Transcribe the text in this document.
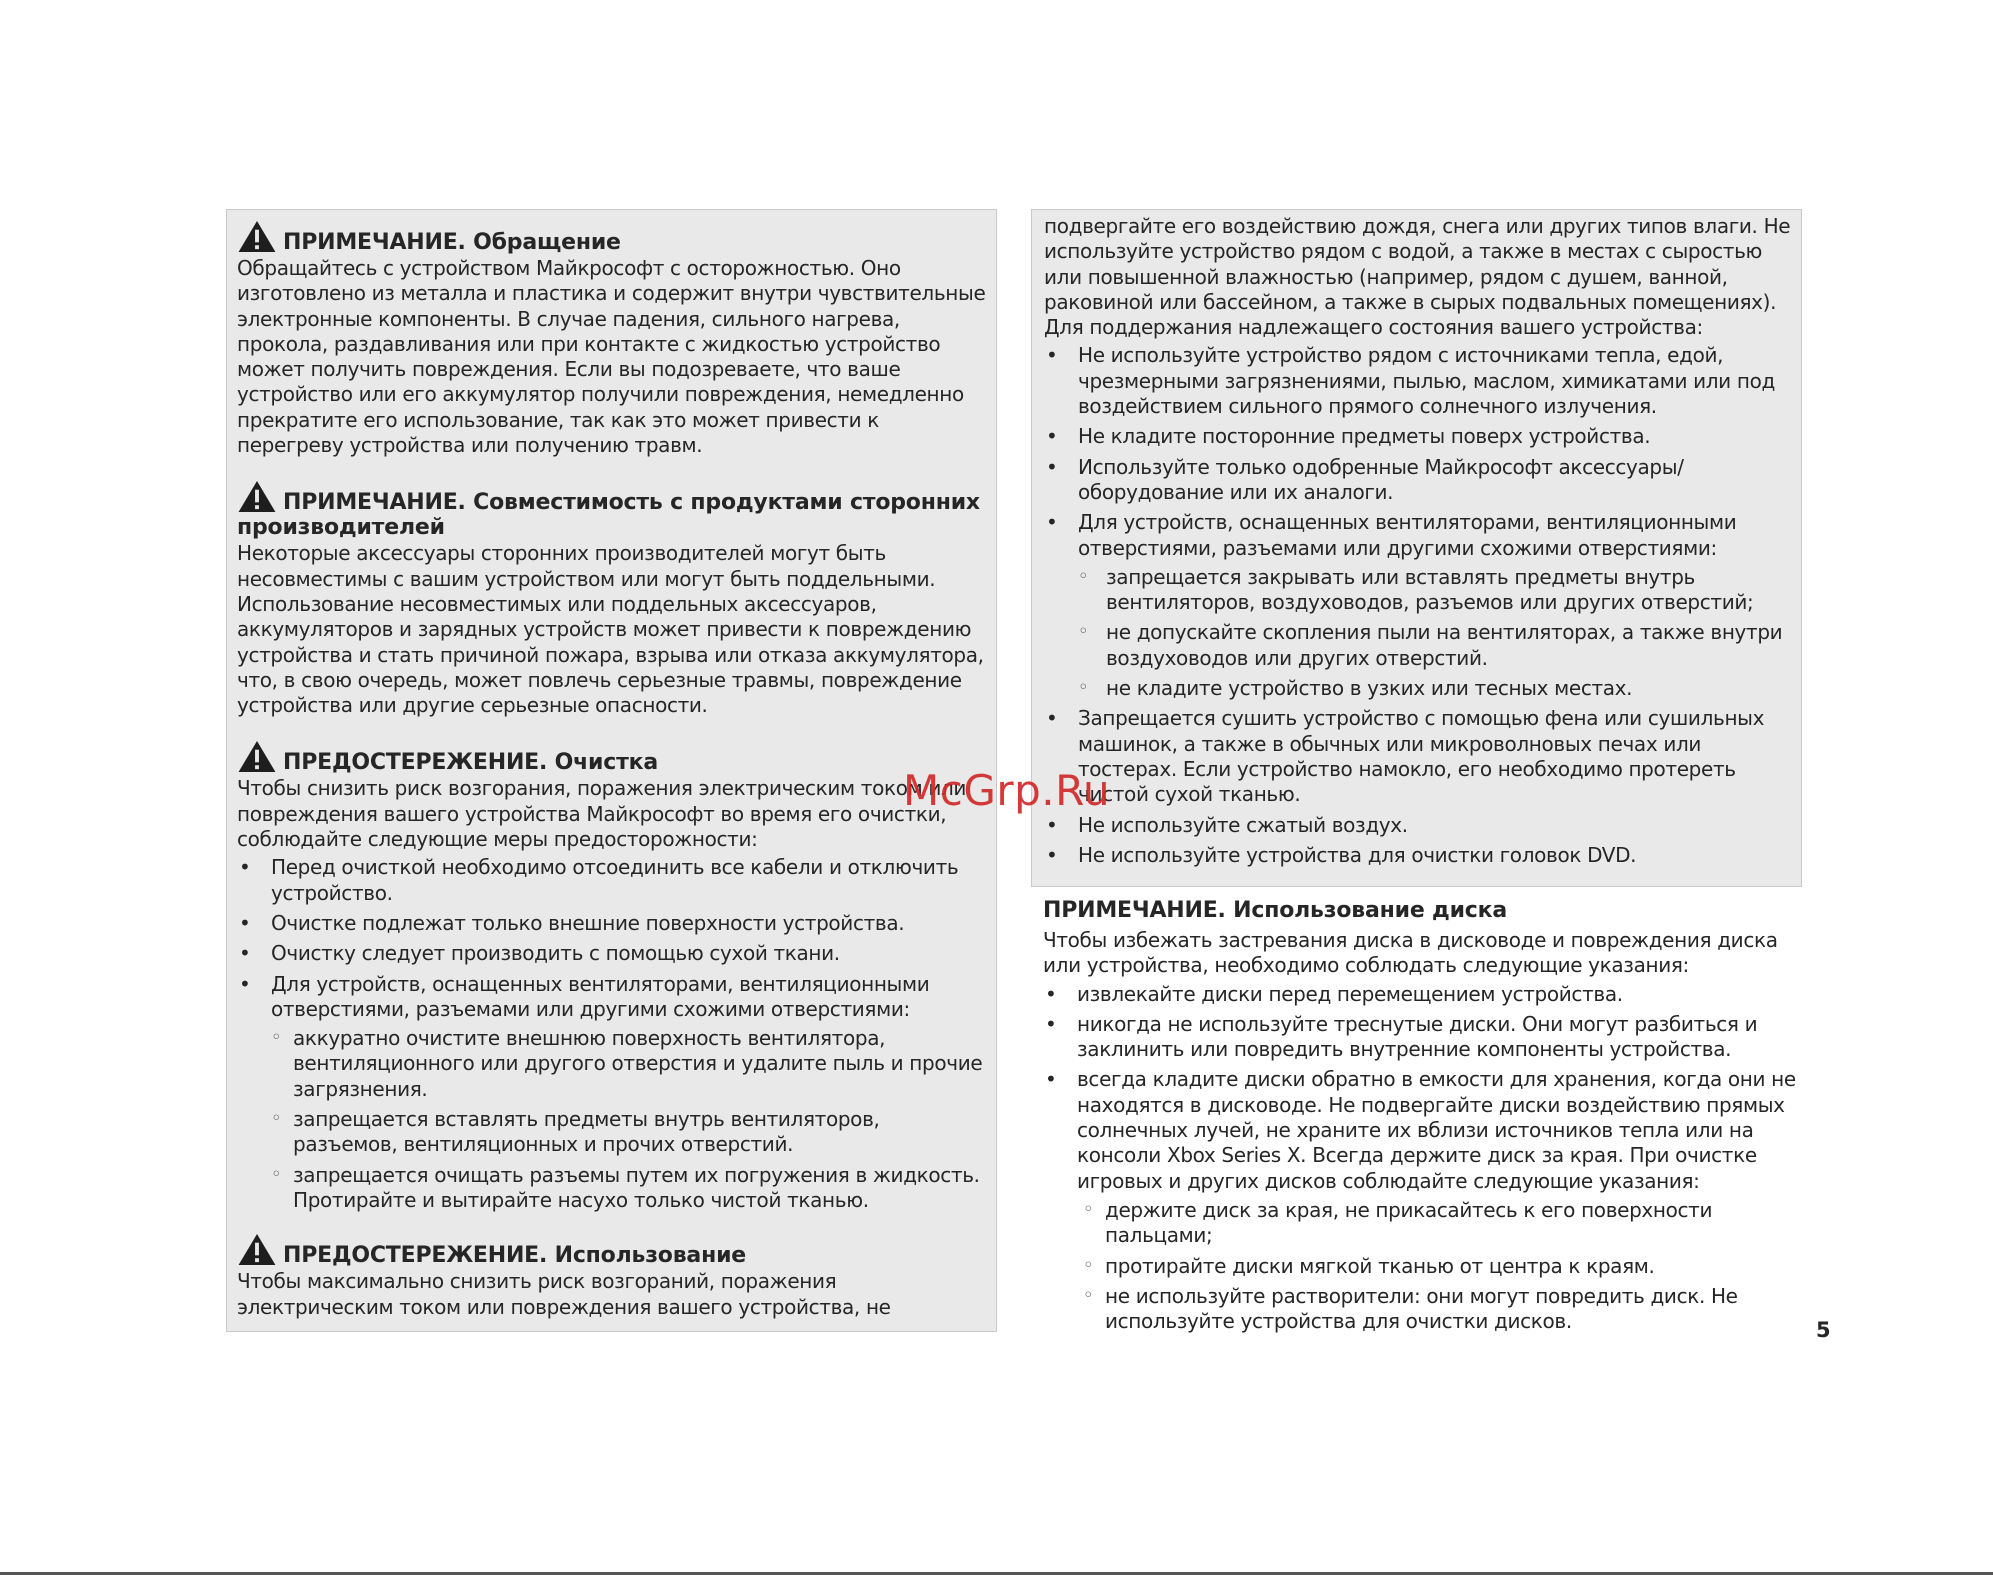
ПРИМЕЧАНИЕ. Обращение

Обращайтесь с устройством Майкрософт с осторожностью. Оно изготовлено из металла и пластика и содержит внутри чувствительные электронные компоненты. В случае падения, сильного нагрева, прокола, раздавливания или при контакте с жидкостью устройство может получить повреждения. Если вы подозреваете, что ваше устройство или его аккумулятор получили повреждения, немедленно прекратите его использование, так как это может привести к перегреву устройства или получению травм.

ПРИМЕЧАНИЕ. Совместимость с продуктами сторонних производителей

Некоторые аксессуары сторонних производителей могут быть несовместимы с вашим устройством или могут быть поддельными. Использование несовместимых или поддельных аксессуаров, аккумуляторов и зарядных устройств может привести к повреждению устройства и стать причиной пожара, взрыва или отказа аккумулятора, что, в свою очередь, может повлечь серьезные травмы, повреждение устройства или другие серьезные опасности.

ПРЕДОСТЕРЕЖЕНИЕ. Очистка

Чтобы снизить риск возгорания, поражения электрическим током или повреждения вашего устройства Майкрософт во время его очистки, соблюдайте следующие меры предосторожности:

• Перед очисткой необходимо отсоединить все кабели и отключить устройство.
• Очистке подлежат только внешние поверхности устройства.
• Очистку следует производить с помощью сухой ткани.
• Для устройств, оснащенных вентиляторами, вентиляционными отверстиями, разъемами или другими схожими отверстиями:
◦ аккуратно очистите внешнюю поверхность вентилятора, вентиляционного или другого отверстия и удалите пыль и прочие загрязнения.
◦ запрещается вставлять предметы внутрь вентиляторов, разъемов, вентиляционных и прочих отверстий.
◦ запрещается очищать разъемы путем их погружения в жидкость. Протирайте и вытирайте насухо только чистой тканью.

ПРЕДОСТЕРЕЖЕНИЕ. Использование

Чтобы максимально снизить риск возгораний, поражения электрическим током или повреждения вашего устройства, не

подвергайте его воздействию дождя, снега или других типов влаги. Не используйте устройство рядом с водой, а также в местах с сыростью или повышенной влажностью (например, рядом с душем, ванной, раковиной или бассейном, а также в сырых подвальных помещениях). Для поддержания надлежащего состояния вашего устройства:

• Не используйте устройство рядом с источниками тепла, едой, чрезмерными загрязнениями, пылью, маслом, химикатами или под воздействием сильного прямого солнечного излучения.
• Не кладите посторонние предметы поверх устройства.
• Используйте только одобренные Майкрософт аксессуары/оборудование или их аналоги.
• Для устройств, оснащенных вентиляторами, вентиляционными отверстиями, разъемами или другими схожими отверстиями:
◦ запрещается закрывать или вставлять предметы внутрь вентиляторов, воздуховодов, разъемов или других отверстий;
◦ не допускайте скопления пыли на вентиляторах, а также внутри воздуховодов или других отверстий.
◦ не кладите устройство в узких или тесных местах.
• Запрещается сушить устройство с помощью фена или сушильных машинок, а также в обычных или микроволновых печах или тостерах. Если устройство намокло, его необходимо протереть чистой сухой тканью.
• Не используйте сжатый воздух.
• Не используйте устройства для очистки головок DVD.

ПРИМЕЧАНИЕ. Использование диска

Чтобы избежать застревания диска в дисководе и повреждения диска или устройства, необходимо соблюдать следующие указания:

• извлекайте диски перед перемещением устройства.
• никогда не используйте треснутые диски. Они могут разбиться и заклинить или повредить внутренние компоненты устройства.
• всегда кладите диски обратно в емкости для хранения, когда они не находятся в дисководе. Не подвергайте диски воздействию прямых солнечных лучей, не храните их вблизи источников тепла или на консоли Xbox Series X. Всегда держите диск за края. При очистке игровых и других дисков соблюдайте следующие указания:
◦ держите диск за края, не прикасайтесь к его поверхности пальцами;
◦ протирайте диски мягкой тканью от центра к краям.
◦ не используйте растворители: они могут повредить диск. Не используйте устройства для очистки дисков.
McGrp.Ru
5
